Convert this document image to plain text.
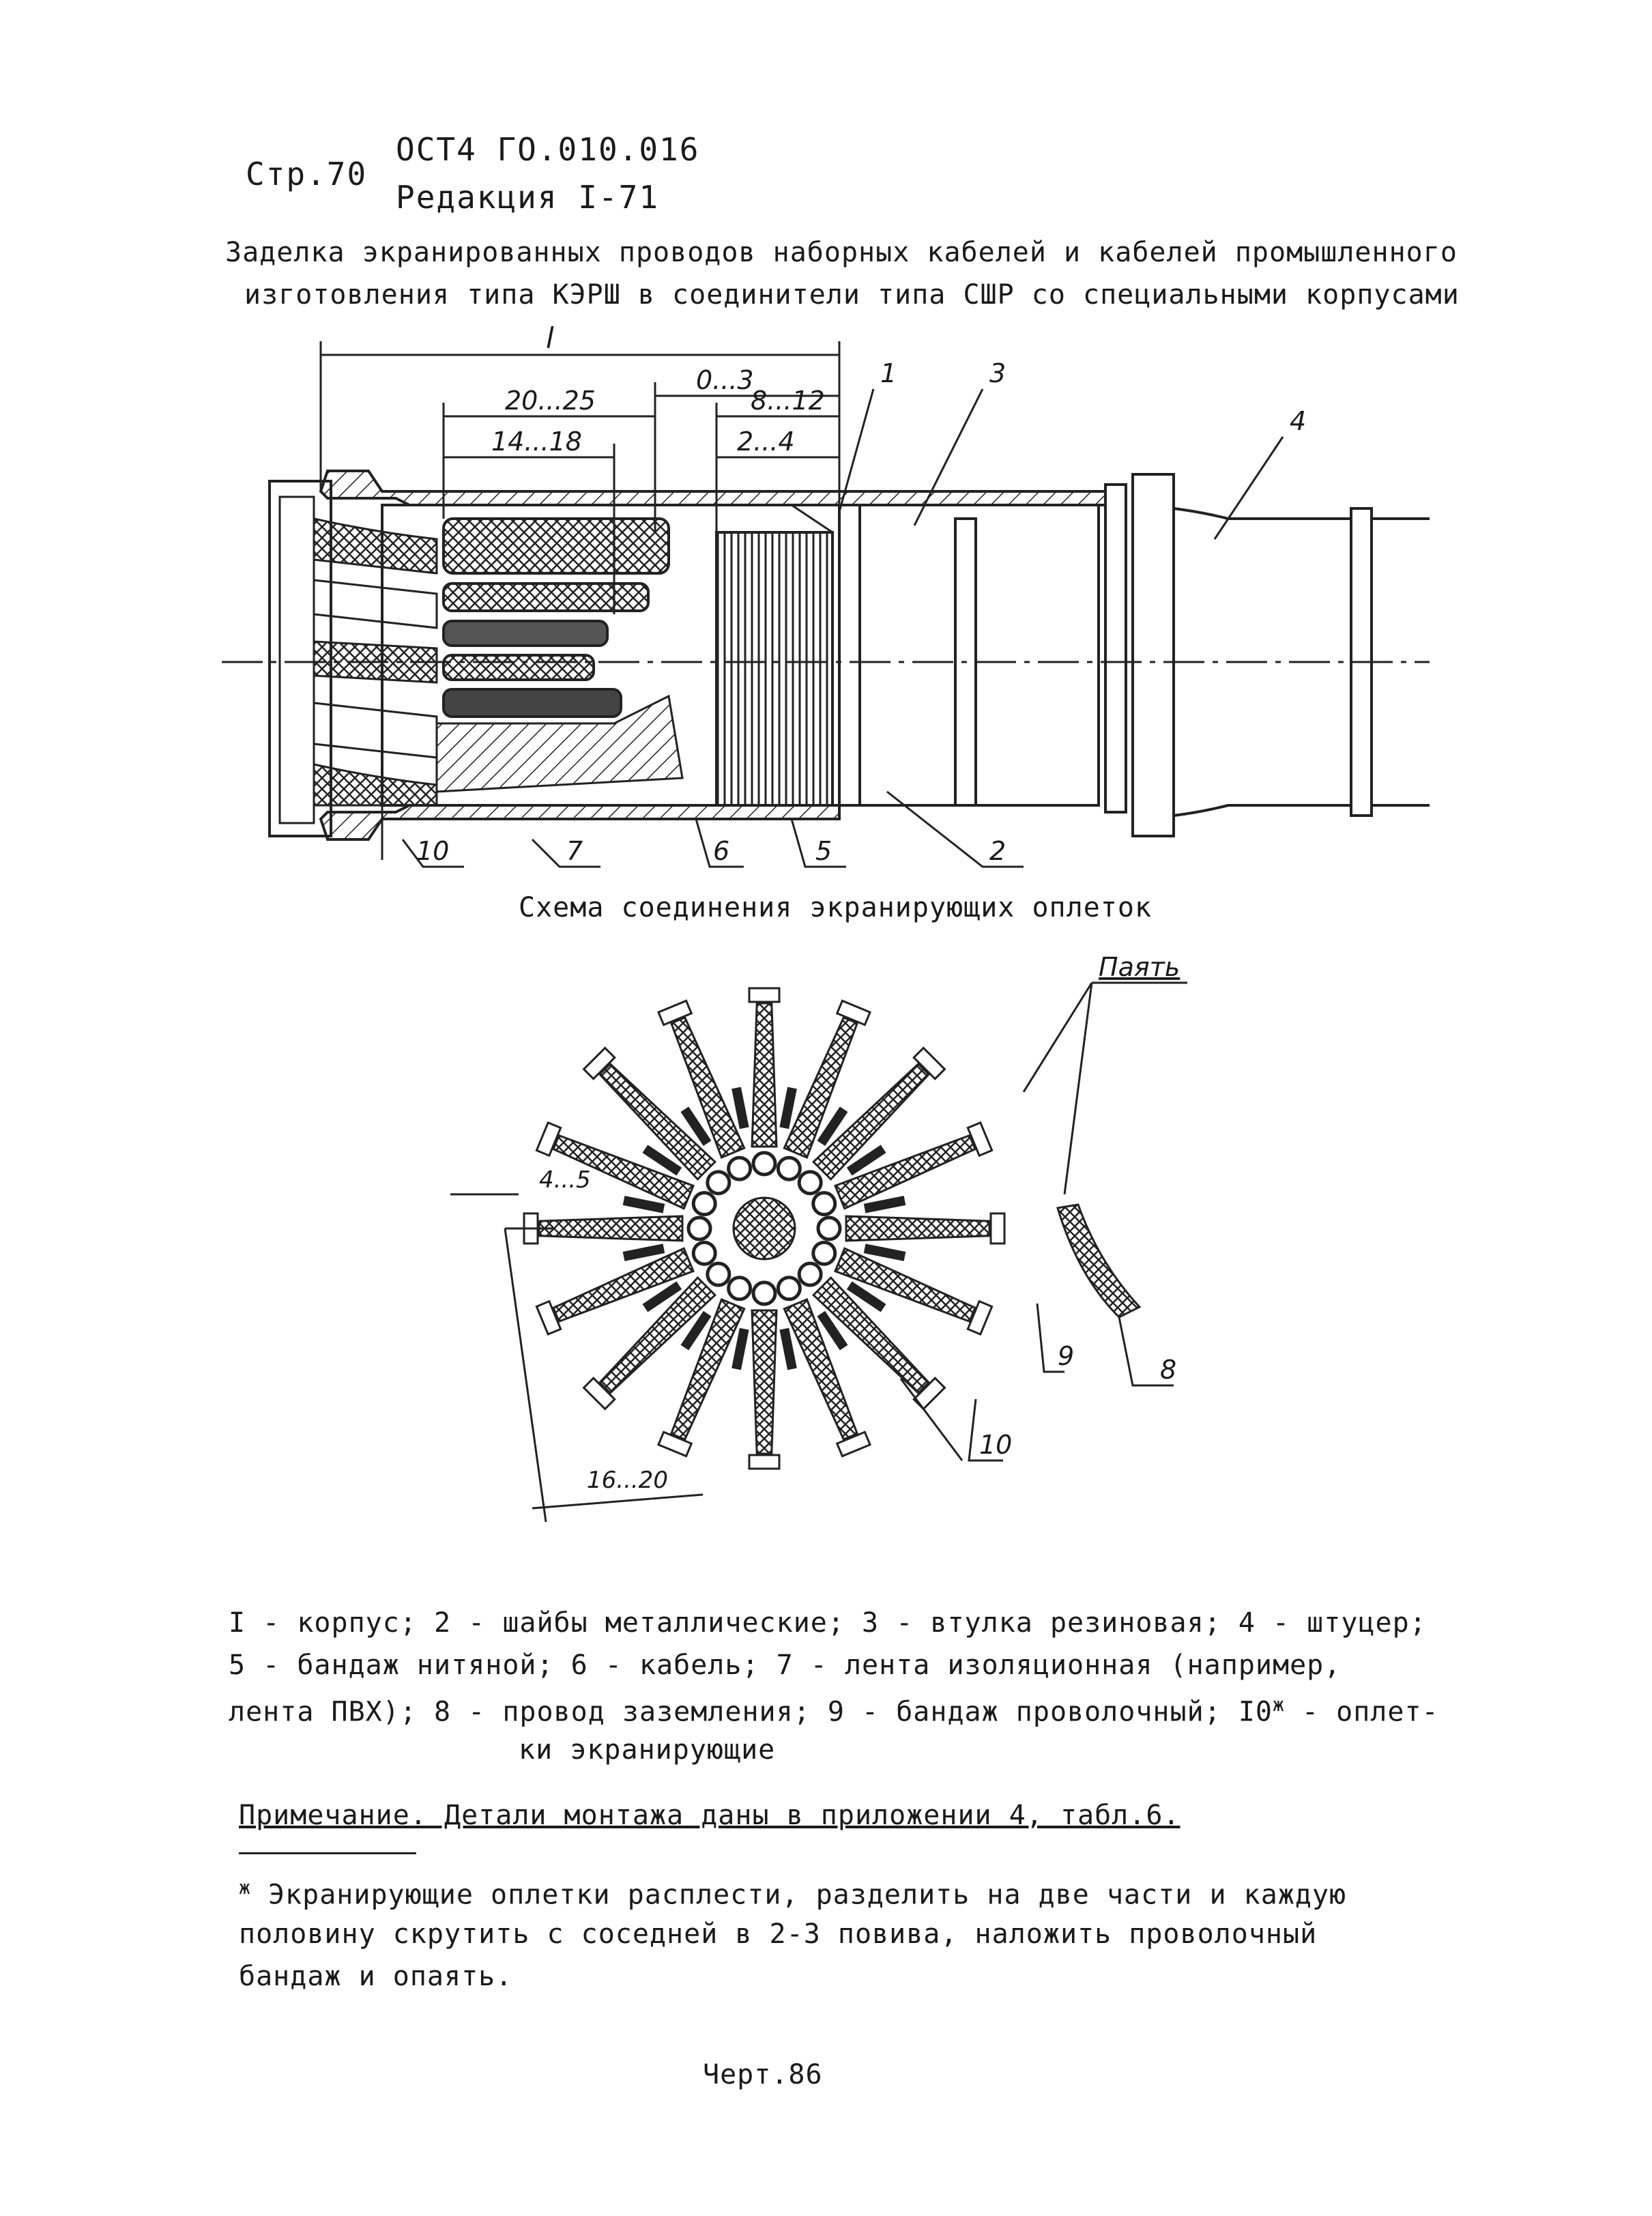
Стр.70
ОСТ4 ГО.010.016
Редакция I-71
Заделка экранированных проводов наборных кабелей и кабелей промышленного
изготовления типа КЭРШ в соединители типа СШР со специальными корпусами
l
0...3
20...25	8...12
14...18	2...4
1	3
4
10	7	6	5	2
Схема соединения экранирующих оплеток
Паять
4...5
16...20
9	8
10
I - корпус; 2 - шайбы металлические; 3 - втулка резиновая; 4 - штуцер;
5 - бандаж нитяной; 6 - кабель; 7 - лента изоляционная (например,
лента ПВХ); 8 - провод заземления; 9 - бандаж проволочный; $I0^ж$ - оплет-
ки экранирующие
Примечание. Детали монтажа даны в приложении 4, табл.6.
$^ж$ Экранирующие оплетки расплести, разделить на две части и каждую
половину скрутить с соседней в 2-3 повива, наложить проволочный
бандаж и опаять.
Черт.86
